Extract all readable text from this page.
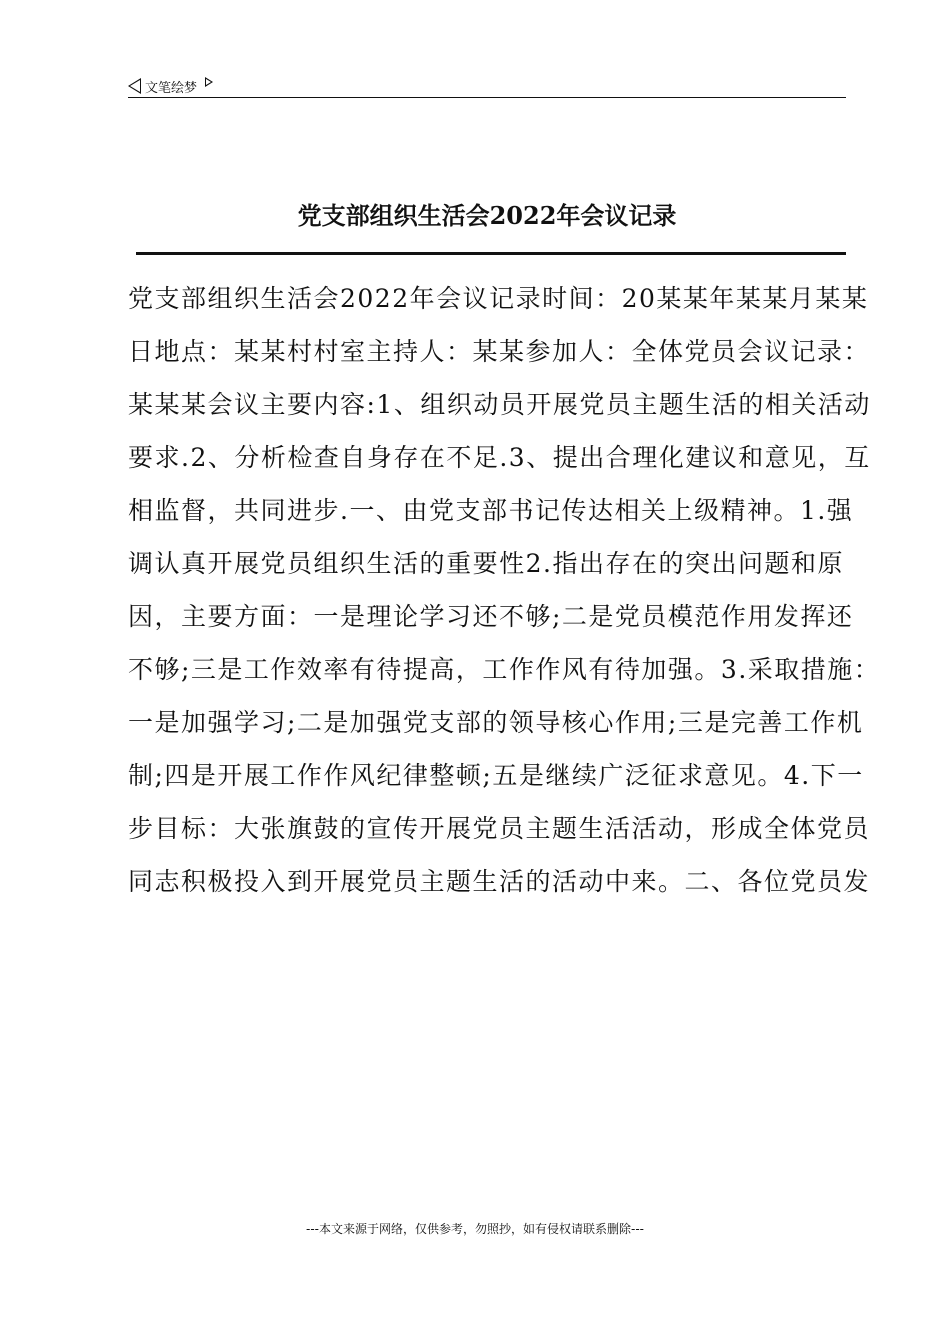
文笔绘梦
党支部组织生活会2022年会议记录
党支部组织生活会2022年会议记录时间：20某某年某某月某某
日地点：某某村村室主持人：某某参加人：全体党员会议记录：
某某某会议主要内容:1、组织动员开展党员主题生活的相关活动
要求.2、分析检查自身存在不足.3、提出合理化建议和意见，互
相监督，共同进步.一、由党支部书记传达相关上级精神。1.强
调认真开展党员组织生活的重要性2.指出存在的突出问题和原
因，主要方面：一是理论学习还不够;二是党员模范作用发挥还
不够;三是工作效率有待提高，工作作风有待加强。3.采取措施：
一是加强学习;二是加强党支部的领导核心作用;三是完善工作机
制;四是开展工作作风纪律整顿;五是继续广泛征求意见。4.下一
步目标：大张旗鼓的宣传开展党员主题生活活动，形成全体党员
同志积极投入到开展党员主题生活的活动中来。二、各位党员发
---本文来源于网络，仅供参考，勿照抄，如有侵权请联系删除---
